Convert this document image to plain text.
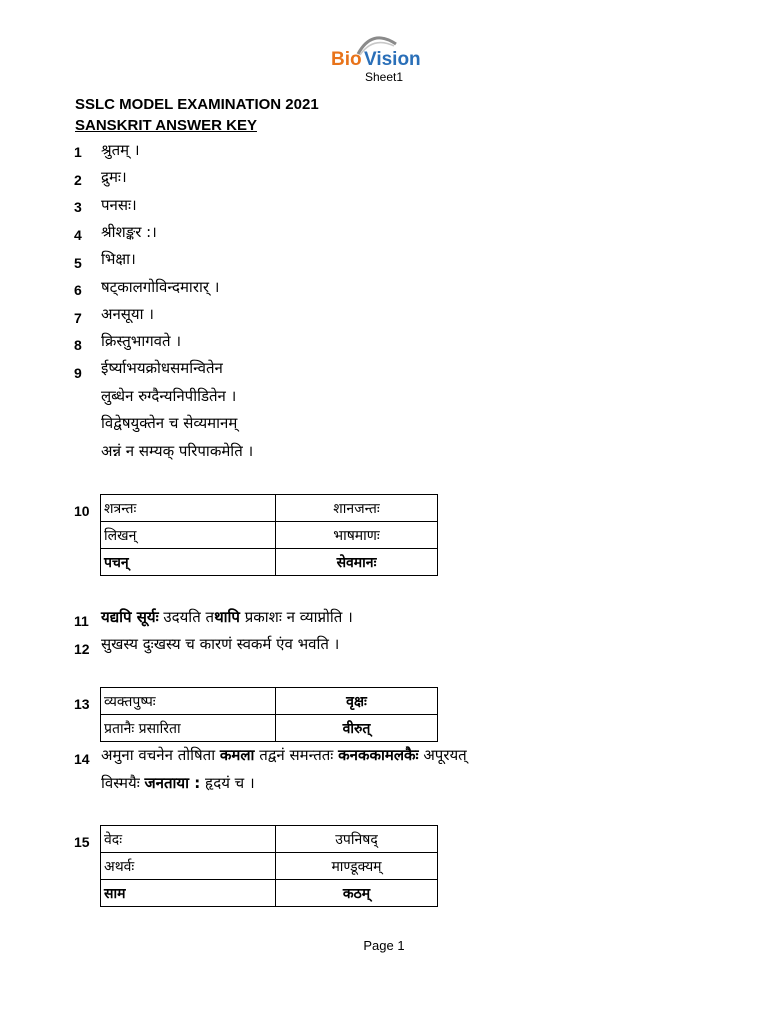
Bio Vision
Sheet1
SSLC MODEL EXAMINATION 2021
SANSKRIT ANSWER KEY
1	श्रुतम् ।
2	द्रुमः।
3	पनसः।
4	श्रीशङ्कर :।
5	भिक्षा।
6	षट्कालगोविन्दमारार् ।
7	अनसूया ।
8	क्रिस्तुभागवते ।
9	ईर्ष्याभयक्रोधसमन्वितेन
लुब्धेन रुग्दैन्यनिपीडितेन ।
विद्वेषयुक्तेन च सेव्यमानम्
अन्नं न सम्यक् परिपाकमेति ।
10	शत्रन्तः	शानजन्तः
लिखन्	भाषमाणः
पचन्	सेवमानः
11 यद्यपि सूर्यः उदयति तथापि प्रकाशः न व्याप्नोति ।
12 सुखस्य दुःखस्य च कारणं स्वकर्म एंव भवति ।
13	व्यक्तपुष्पः	वृक्षः
प्रतानैः प्रसारिता	वीरुत्
14 अमुना वचनेन तोषिता कमला तद्वनं समन्ततः कनककामलकैः अपूरयत्
विस्मयैः जनताया : हृदयं च ।
15	वेदः	उपनिषद्
अथर्वः	माण्डूक्यम्
साम	कठम्
Page 1
